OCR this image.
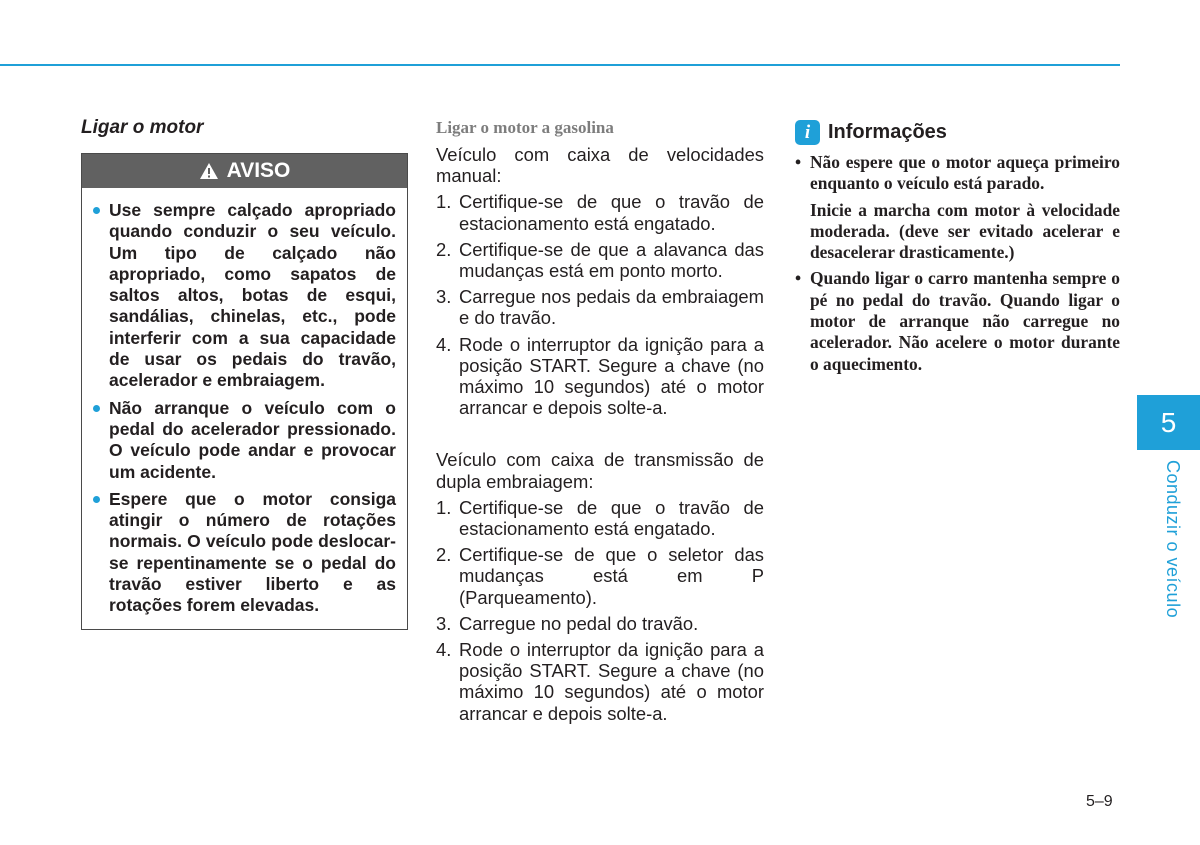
Ligar o motor
AVISO
Use sempre calçado apropriado quando conduzir o seu veículo. Um tipo de calçado não apropriado, como sapatos de saltos altos, botas de esqui, sandálias, chinelas, etc., pode interferir com a sua capacidade de usar os pedais do travão, acelerador e embraiagem.
Não arranque o veículo com o pedal do acelerador pressionado. O veículo pode andar e provocar um acidente.
Espere que o motor consiga atingir o número de rotações normais. O veículo pode deslocar-se repentinamente se o pedal do travão estiver liberto e as rotações forem elevadas.
Ligar o motor a gasolina
Veículo com caixa de velocidades manual:
1. Certifique-se de que o travão de estacionamento está engatado.
2. Certifique-se de que a alavanca das mudanças está em ponto morto.
3. Carregue nos pedais da embraiagem e do travão.
4. Rode o interruptor da ignição para a posição START. Segure a chave (no máximo 10 segundos) até o motor arrancar e depois solte-a.
Veículo com caixa de transmissão de dupla embraiagem:
1. Certifique-se de que o travão de estacionamento está engatado.
2. Certifique-se de que o seletor das mudanças está em P (Parqueamento).
3. Carregue no pedal do travão.
4. Rode o interruptor da ignição para a posição START. Segure a chave (no máximo 10 segundos) até o motor arrancar e depois solte-a.
i Informações
• Não espere que o motor aqueça primeiro enquanto o veículo está parado.

Inicie a marcha com motor à velocidade moderada. (deve ser evitado acelerar e desacelerar drasticamente.)

• Quando ligar o carro mantenha sempre o pé no pedal do travão. Quando ligar o motor de arranque não carregue no acelerador. Não acelere o motor durante o aquecimento.

5
Conduzir o veículo
5–9
